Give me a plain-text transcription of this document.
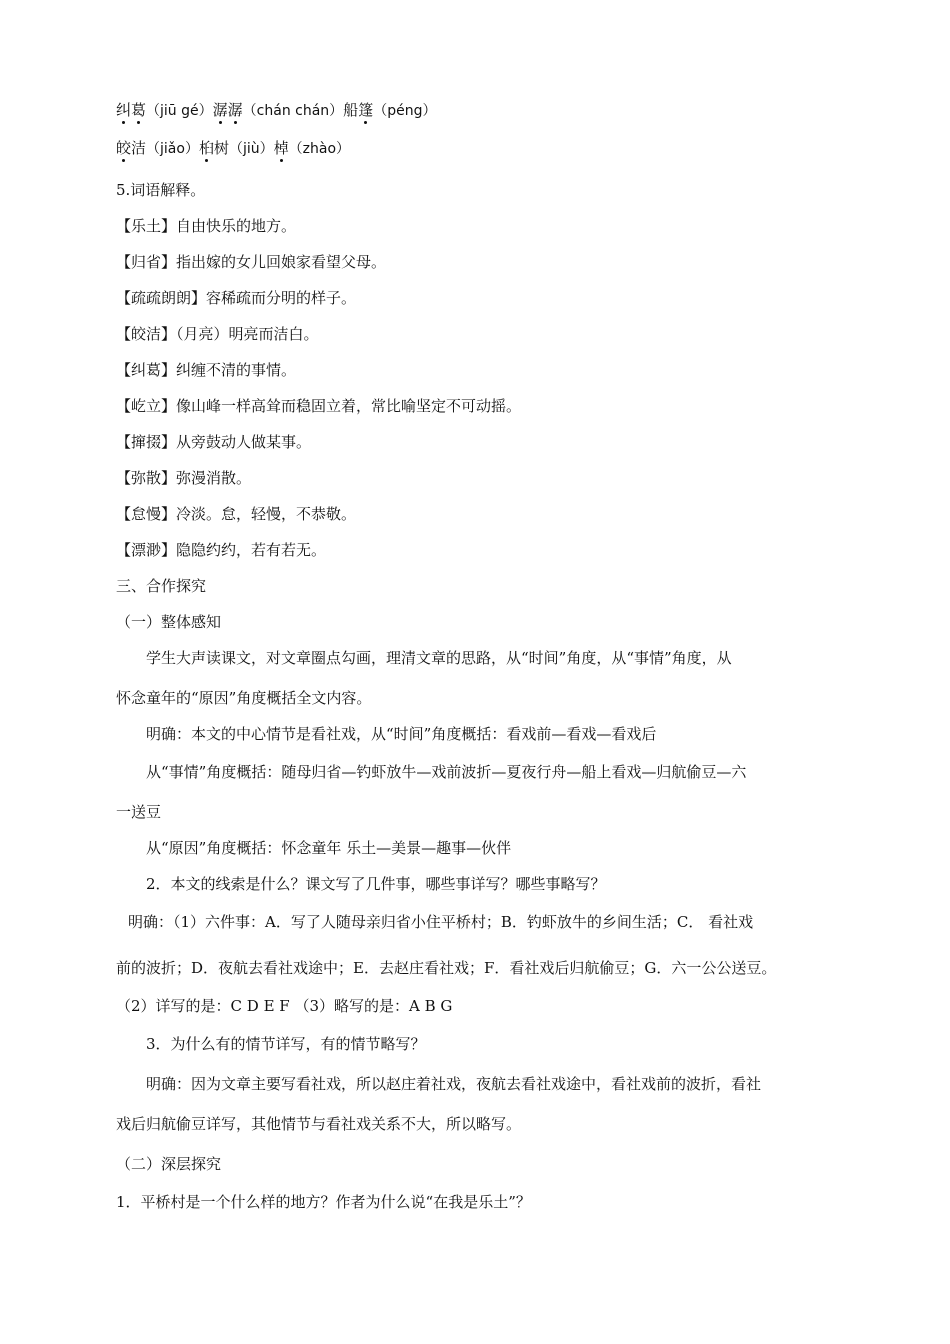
纠葛（jiū gé）潺潺（chán chán）船篷（péng）
皎洁（jiǎo）桕树（jiù）棹（zhào）
5.词语解释。
【乐土】自由快乐的地方。
【归省】指出嫁的女儿回娘家看望父母。
【疏疏朗朗】容稀疏而分明的样子。
【皎洁】（月亮）明亮而洁白。
【纠葛】纠缠不清的事情。
【屹立】像山峰一样高耸而稳固立着，常比喻坚定不可动摇。
【撺掇】从旁鼓动人做某事。
【弥散】弥漫消散。
【怠慢】冷淡。怠，轻慢，不恭敬。
【漂渺】隐隐约约，若有若无。
三、合作探究
（一）整体感知
学生大声读课文，对文章圈点勾画，理清文章的思路，从“时间”角度，从“事情”角度，从
怀念童年的“原因”角度概括全文内容。
明确：本文的中心情节是看社戏，从“时间”角度概括：看戏前—看戏—看戏后
从“事情”角度概括：随母归省—钓虾放牛—戏前波折—夏夜行舟—船上看戏—归航偷豆—六
一送豆
从“原因”角度概括：怀念童年 乐土—美景—趣事—伙伴
2．本文的线索是什么？课文写了几件事，哪些事详写？哪些事略写？
明确：（1）六件事：A．写了人随母亲归省小住平桥村；B．钓虾放牛的乡间生活；C． 看社戏
前的波折；D．夜航去看社戏途中；E．去赵庄看社戏；F．看社戏后归航偷豆；G．六一公公送豆。
（2）详写的是：C D E F （3）略写的是：A B G
3．为什么有的情节详写，有的情节略写？
明确：因为文章主要写看社戏，所以赵庄着社戏，夜航去看社戏途中，看社戏前的波折，看社
戏后归航偷豆详写，其他情节与看社戏关系不大，所以略写。
（二）深层探究
1．平桥村是一个什么样的地方？作者为什么说“在我是乐土”？
